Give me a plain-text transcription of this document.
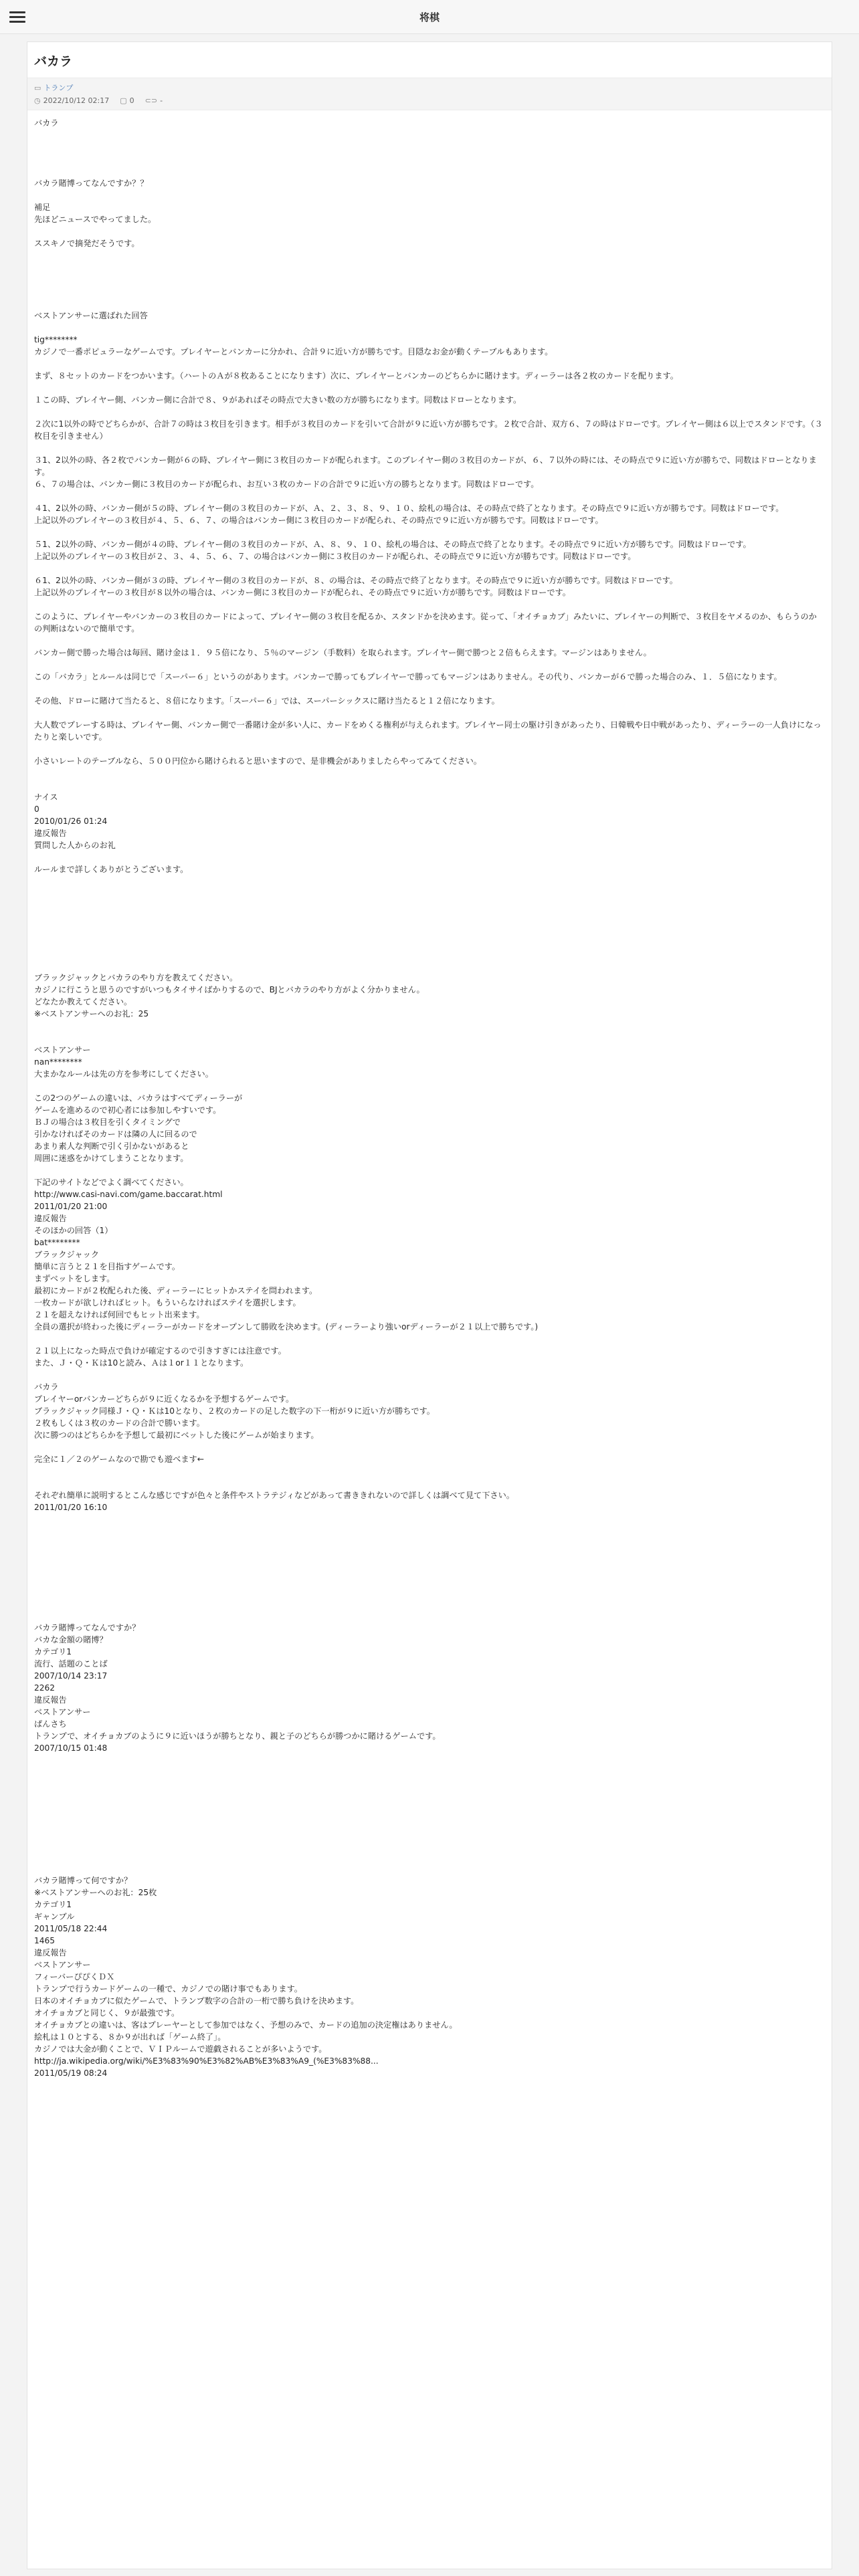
将棋
バカラ
▭ トランプ
◷ 2022/10/12 02:17 ▢ 0 ⊂⊃ -

バカラ

バカラ賭博ってなんですか？？

補足
先ほどニュースでやってました。

ススキノで摘発だそうです。

ベストアンサーに選ばれた回答

tig********
カジノで一番ポピュラーなゲームです。プレイヤーとバンカーに分かれ、合計９に近い方が勝ちです。目隠なお金が動くテーブルもあります。

まず、８セットのカードをつかいます。（ハートのＡが８枚あることになります）次に、プレイヤーとバンカーのどちらかに賭けます。ディーラーは各２枚のカードを配ります。

１この時、プレイヤー側、バンカー側に合計で８、９があればその時点で大きい数の方が勝ちになります。同数はドローとなります。

２次に1以外の時でどちらかが、合計７の時は３枚目を引きます。相手が３枚目のカードを引いて合計が９に近い方が勝ちです。２枚で合計、双方６、７の時はドローです。プレイヤー側は６以上でスタンドです。（３枚目を引きません）

３1、2以外の時、各２枚でバンカー側が６の時、プレイヤー側に３枚目のカードが配られます。このプレイヤー側の３枚目のカードが、６、７以外の時には、その時点で９に近い方が勝ちで、同数はドローとなります。
６、７の場合は、バンカー側に３枚目のカードが配られ、お互い３枚のカードの合計で９に近い方の勝ちとなります。同数はドローです。

４1、2以外の時、バンカー側が５の時、プレイヤー側の３枚目のカードが、Ａ、２、３、８、９、１０、絵札の場合は、その時点で終了となります。その時点で９に近い方が勝ちです。同数はドローです。
上記以外のプレイヤーの３枚目が４、５、６、７、の場合はバンカー側に３枚目のカードが配られ、その時点で９に近い方が勝ちです。同数はドローです。

５1、2以外の時、バンカー側が４の時、プレイヤー側の３枚目のカードが、Ａ、８、９、１０、絵札の場合は、その時点で終了となります。その時点で９に近い方が勝ちです。同数はドローです。
上記以外のプレイヤーの３枚目が２、３、４、５、６、７、の場合はバンカー側に３枚目のカードが配られ、その時点で９に近い方が勝ちです。同数はドローです。

６1、2以外の時、バンカー側が３の時、プレイヤー側の３枚目のカードが、８、の場合は、その時点で終了となります。その時点で９に近い方が勝ちです。同数はドローです。
上記以外のプレイヤーの３枚目が８以外の場合は、バンカー側に３枚目のカードが配られ、その時点で９に近い方が勝ちです。同数はドローです。

このように、プレイヤーやバンカーの３枚目のカードによって、プレイヤー側の３枚目を配るか、スタンドかを決めます。従って、「オイチョカブ」みたいに、プレイヤーの判断で、３枚目をヤメるのか、もらうのかの判断はないので簡単です。

バンカー側で勝った場合は毎回、賭け金は１．９５倍になり、５％のマージン（手数料）を取られます。プレイヤー側で勝つと２倍もらえます。マージンはありません。

この「バカラ」とルールは同じで「スーパー６」というのがあります。バンカーで勝ってもプレイヤーで勝ってもマージンはありません。その代り、バンカーが６で勝った場合のみ、１．５倍になります。

その他、ドローに賭けて当たると、８倍になります。「スーパー６」では、スーパーシックスに賭け当たると１２倍になります。

大人数でプレーする時は、プレイヤー側、バンカー側で一番賭け金が多い人に、カードをめくる権利が与えられます。プレイヤー同士の駆け引きがあったり、日韓戦や日中戦があったり、ディーラーの一人負けになったりと楽しいです。

小さいレートのテーブルなら、５００円位から賭けられると思いますので、是非機会がありましたらやってみてください。

ナイス
0
2010/01/26 01:24
違反報告
質問した人からのお礼

ルールまで詳しくありがとうございます。

ブラックジャックとバカラのやり方を教えてください。
カジノに行こうと思うのですがいつもタイサイばかりするので、BJとバカラのやり方がよく分かりません。
どなたか教えてください。
※ベストアンサーへのお礼：25

ベストアンサー
nan********
大まかなルールは先の方を参考にしてください。

この2つのゲームの違いは、バカラはすべてディーラーが
ゲームを進めるので初心者には参加しやすいです。
ＢＪの場合は３枚目を引くタイミングで
引かなければそのカードは隣の人に回るので
あまり素人な判断で引く引かないがあると
周囲に迷惑をかけてしまうことなります。

下記のサイトなどでよく調べてください。
http://www.casi-navi.com/game.baccarat.html
2011/01/20 21:00
違反報告
そのほかの回答（1）
bat********
ブラックジャック
簡単に言うと２１を目指すゲームです。
まずベットをします。
最初にカードが２枚配られた後、ディーラーにヒットかステイを問われます。
一枚カードが欲しければヒット。もういらなければステイを選択します。
２１を超えなければ何回でもヒット出来ます。
全員の選択が終わった後にディーラーがカードをオープンして勝敗を決めます。(ディーラーより強いorディーラーが２１以上で勝ちです。)

２１以上になった時点で負けが確定するので引きすぎには注意です。
また、Ｊ・Ｑ・Ｋは10と読み、Ａは１or１１となります。

バカラ
プレイヤーorバンカーどちらが９に近くなるかを予想するゲームです。
ブラックジャック同様Ｊ・Ｑ・Ｋは10となり、２枚のカードの足した数字の下一桁が９に近い方が勝ちです。
２枚もしくは３枚のカードの合計で勝います。
次に勝つのはどちらかを予想して最初にベットした後にゲームが始まります。

完全に１／２のゲームなので勘でも遊べます←

それぞれ簡単に説明するとこんな感じですが色々と条件やストラテジィなどがあって書ききれないので詳しくは調べて見て下さい。
2011/01/20 16:10

バカラ賭博ってなんですか？
バカな金額の賭博？
カテゴリ1
流行、話題のことば
2007/10/14 23:17
2262
違反報告
ベストアンサー
ぱんさち
トランプで、オイチョカブのように９に近いほうが勝ちとなり、親と子のどちらが勝つかに賭けるゲームです。
2007/10/15 01:48

バカラ賭博って何ですか？
※ベストアンサーへのお礼：25枚
カテゴリ1
ギャンブル
2011/05/18 22:44
1465
違反報告
ベストアンサー
フィーバーぴぴくＤＸ
トランプで行うカードゲームの一種で、カジノでの賭け事でもあります。
日本のオイチョカブに似たゲームで、トランプ数字の合計の一桁で勝ち負けを決めます。
オイチョカブと同じく、９が最強です。
オイチョカブとの違いは、客はプレーヤーとして参加ではなく、予想のみで、カードの追加の決定権はありません。
絵札は１０とする、８か９が出れば「ゲーム終了」。
カジノでは大金が動くことで、ＶＩＰルームで遊戯されることが多いようです。
http://ja.wikipedia.org/wiki/%E3%83%90%E3%82%AB%E3%83%A9_(%E3%83%88...
2011/05/19 08:24
